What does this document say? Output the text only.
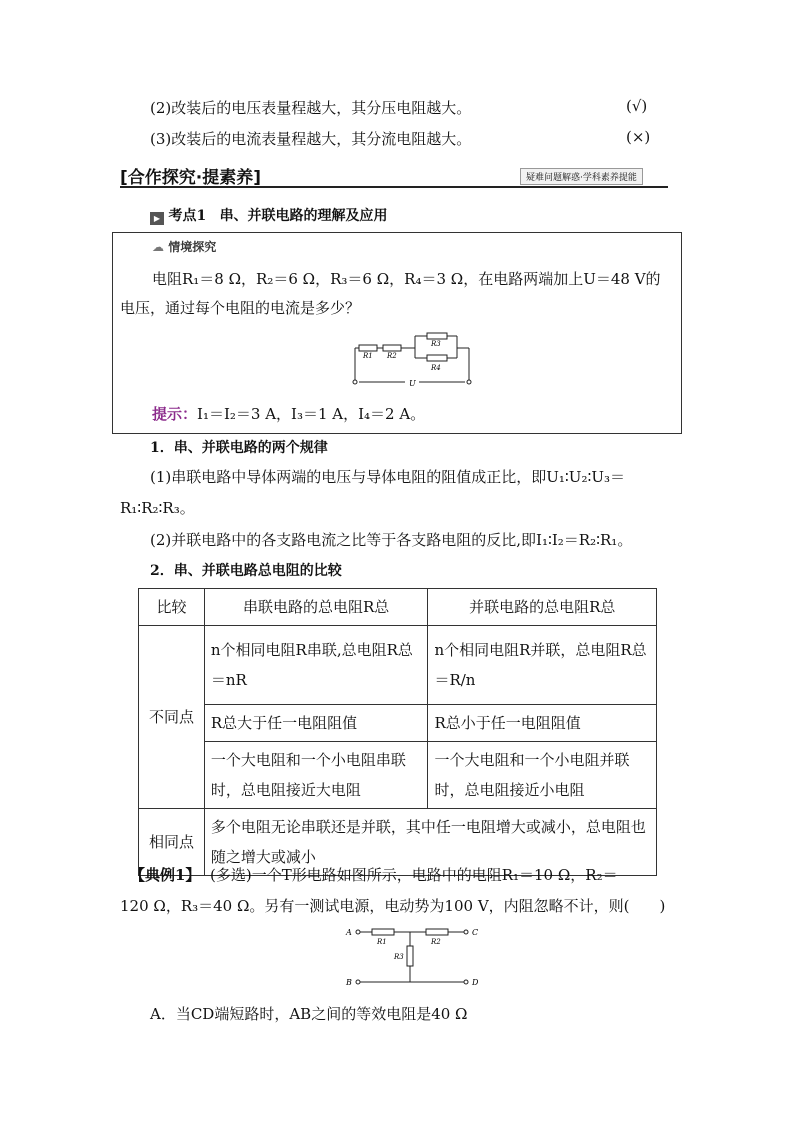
(2)改装后的电压表量程越大，其分压电阻越大。	(√)
(3)改装后的电流表量程越大，其分流电阻越大。	(×)
[合作探究·提素养]	疑难问题解惑·学科素养提能
▶ 考点1 串、并联电路的理解及应用
☁ 情境探究
电阻R₁＝8 Ω，R₂＝6 Ω，R₃＝6 Ω，R₄＝3 Ω，在电路两端加上U＝48 V的
电压，通过每个电阻的电流是多少？
R1 R2
R3
R4
U
提示：I₁＝I₂＝3 A，I₃＝1 A，I₄＝2 A。
1．串、并联电路的两个规律
(1)串联电路中导体两端的电压与导体电阻的阻值成正比，即U₁∶U₂∶U₃＝
R₁∶R₂∶R₃。
(2)并联电路中的各支路电流之比等于各支路电阻的反比,即I₁∶I₂＝R₂∶R₁。
2．串、并联电路总电阻的比较
比较	串联电路的总电阻R总	并联电路的总电阻R总
不同点	n个相同电阻R串联,总电阻R总＝nR	n个相同电阻R并联，总电阻R总＝R/n
	R总大于任一电阻阻值	R总小于任一电阻阻值
	一个大电阻和一个小电阻串联时，总电阻接近大电阻	一个大电阻和一个小电阻并联时，总电阻接近小电阻
相同点	多个电阻无论串联还是并联，其中任一电阻增大或减小，总电阻也随之增大或减小	
【典例1】 (多选)一个T形电路如图所示，电路中的电阻R₁＝10 Ω，R₂＝
120 Ω，R₃＝40 Ω。另有一测试电源，电动势为100 V，内阻忽略不计，则(　　)
A
B
C
D
R1	R2
R3
A．当CD端短路时，AB之间的等效电阻是40 Ω
